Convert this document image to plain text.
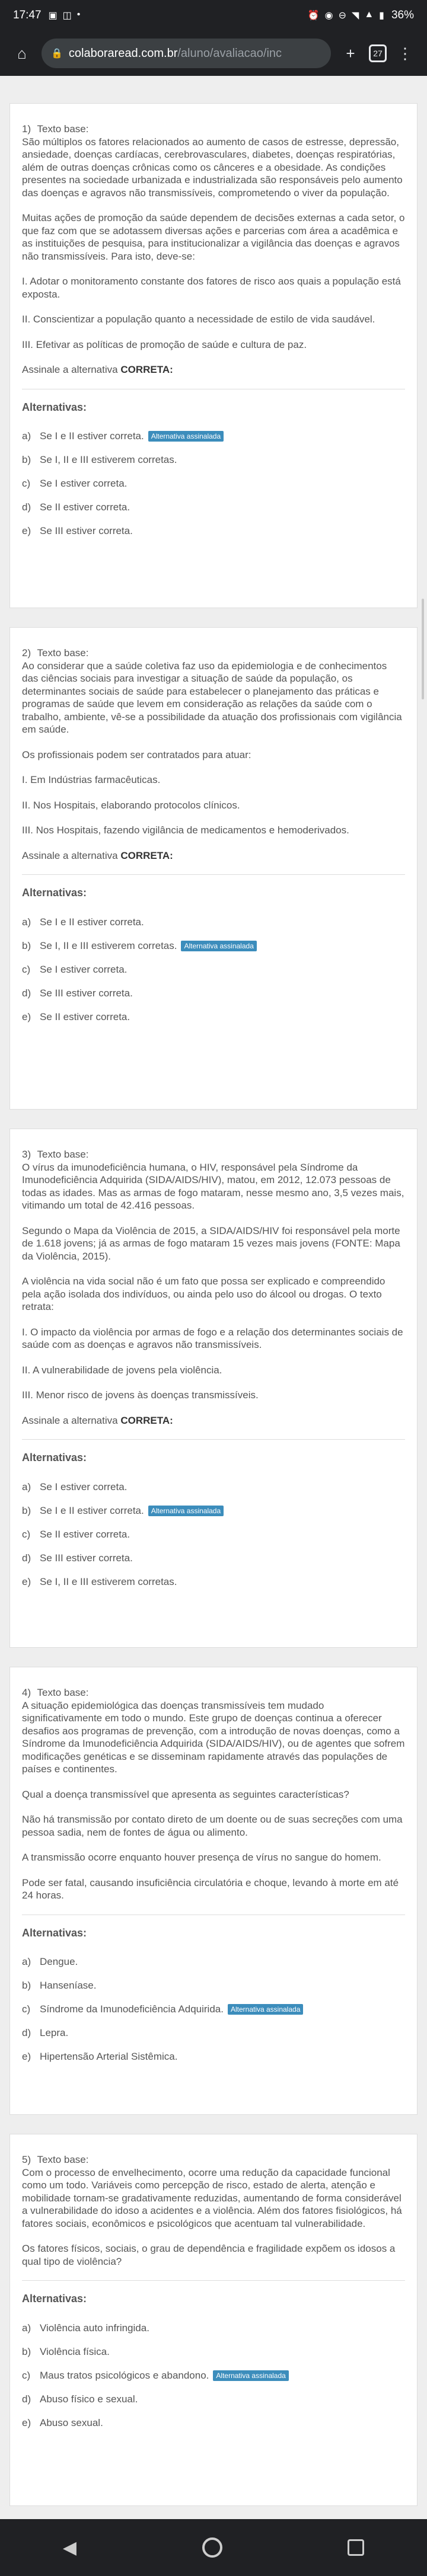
17:47 ▣ ◫ •	⏰ ◉ ⊖ ◥ ▲ ▮ 36%
⌂	🔒 colaboraread.com.br /aluno/avaliacao/inc	+	27 ⋮
1) Texto base:

São múltiplos os fatores relacionados ao aumento de casos de estresse, depressão, ansiedade, doenças cardíacas, cerebrovasculares, diabetes, doenças respiratórias, além de outras doenças crônicas como os cânceres e a obesidade. As condições presentes na sociedade urbanizada e industrializada são responsáveis pelo aumento das doenças e agravos não transmissíveis, comprometendo o viver da população.

Muitas ações de promoção da saúde dependem de decisões externas a cada setor, o que faz com que se adotassem diversas ações e parcerias com área a acadêmica e as instituições de pesquisa, para institucionalizar a vigilância das doenças e agravos não transmissíveis. Para isto, deve-se:

I. Adotar o monitoramento constante dos fatores de risco aos quais a população está exposta.

II. Conscientizar a população quanto a necessidade de estilo de vida saudável.

III. Efetivar as políticas de promoção de saúde e cultura de paz.

Assinale a alternativa CORRETA:

Alternativas:
a) Se I e II estiver correta.	Alternativa assinalada
b) Se I, II e III estiverem corretas.
c) Se I estiver correta.
d) Se II estiver correta.
e) Se III estiver correta.
2) Texto base:

Ao considerar que a saúde coletiva faz uso da epidemiologia e de conhecimentos das ciências sociais para investigar a situação de saúde da população, os determinantes sociais de saúde para estabelecer o planejamento das práticas e programas de saúde que levem em consideração as relações da saúde com o trabalho, ambiente, vê-se a possibilidade da atuação dos profissionais com vigilância em saúde.

Os profissionais podem ser contratados para atuar:

I. Em Indústrias farmacêuticas.

II. Nos Hospitais, elaborando protocolos clínicos.

III. Nos Hospitais, fazendo vigilância de medicamentos e hemoderivados.

Assinale a alternativa CORRETA:

Alternativas:
a) Se I e II estiver correta.
b) Se I, II e III estiverem corretas.	Alternativa assinalada
c) Se I estiver correta.
d) Se III estiver correta.
e) Se II estiver correta.
3) Texto base:

O vírus da imunodeficiência humana, o HIV, responsável pela Síndrome da Imunodeficiência Adquirida (SIDA/AIDS/HIV), matou, em 2012, 12.073 pessoas de todas as idades. Mas as armas de fogo mataram, nesse mesmo ano, 3,5 vezes mais, vitimando um total de 42.416 pessoas.

Segundo o Mapa da Violência de 2015, a SIDA/AIDS/HIV foi responsável pela morte de 1.618 jovens; já as armas de fogo mataram 15 vezes mais jovens (FONTE: Mapa da Violência, 2015).

A violência na vida social não é um fato que possa ser explicado e compreendido pela ação isolada dos indivíduos, ou ainda pelo uso do álcool ou drogas. O texto retrata:

I. O impacto da violência por armas de fogo e a relação dos determinantes sociais de saúde com as doenças e agravos não transmissíveis.

II. A vulnerabilidade de jovens pela violência.

III. Menor risco de jovens às doenças transmissíveis.

Assinale a alternativa CORRETA:

Alternativas:
a) Se I estiver correta.
b) Se I e II estiver correta.	Alternativa assinalada
c) Se II estiver correta.
d) Se III estiver correta.
e) Se I, II e III estiverem corretas.
4) Texto base:

A situação epidemiológica das doenças transmissíveis tem mudado significativamente em todo o mundo. Este grupo de doenças continua a oferecer desafios aos programas de prevenção, com a introdução de novas doenças, como a Síndrome da Imunodeficiência Adquirida (SIDA/AIDS/HIV), ou de agentes que sofrem modificações genéticas e se disseminam rapidamente através das populações de países e continentes.

Qual a doença transmissível que apresenta as seguintes características?

Não há transmissão por contato direto de um doente ou de suas secreções com uma pessoa sadia, nem de fontes de água ou alimento.

A transmissão ocorre enquanto houver presença de vírus no sangue do homem.

Pode ser fatal, causando insuficiência circulatória e choque, levando à morte em até 24 horas.

Alternativas:
a) Dengue.
b) Hanseníase.
c) Síndrome da Imunodeficiência Adquirida.	Alternativa assinalada
d) Lepra.
e) Hipertensão Arterial Sistêmica.
5) Texto base:

Com o processo de envelhecimento, ocorre uma redução da capacidade funcional como um todo. Variáveis como percepção de risco, estado de alerta, atenção e mobilidade tornam-se gradativamente reduzidas, aumentando de forma considerável a vulnerabilidade do idoso a acidentes e a violência. Além dos fatores fisiológicos, há fatores sociais, econômicos e psicológicos que acentuam tal vulnerabilidade.

Os fatores físicos, sociais, o grau de dependência e fragilidade expõem os idosos a qual tipo de violência?

Alternativas:
a) Violência auto infringida.
b) Violência física.
c) Maus tratos psicológicos e abandono.	Alternativa assinalada
d) Abuso físico e sexual.
e) Abuso sexual.
◀
